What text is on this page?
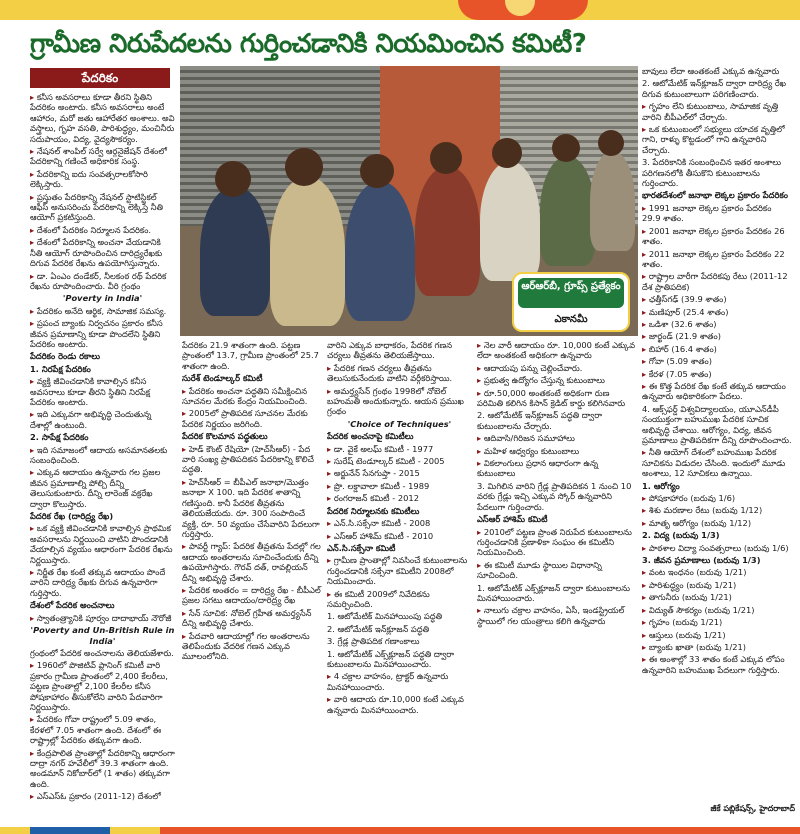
గ్రామీణ నిరుపేదలను గుర్తించడానికి నియమించిన కమిటీ?
పేదరికం

▸ కనీస అవసరాలు కూడా తీరని స్థితిని పేదరికం అంటారు. కనీస అవసరాలు అంటే ఆహారం, మరో జతు ఆహారేతర అంశాలు. అవి వస్త్రాలు, గృహ వసతి, పారిశుద్ధ్యం, మంచినీరు సదుపాయం, విద్య, వైద్యసౌకర్యం.

▸ నేషనల్ శాంపిల్ సర్వే ఆర్గనైజేషన్ దేశంలో పేదరికాన్ని గణించే అధికారిక సంస్థ.

▸ పేదరికాన్ని ఐదు సంవత్సరాలకోసారి లెక్కిస్తారు.

▸ ప్రస్తుతం పేదరికాన్ని నేషనల్ స్టాటిస్టికల్ ఆఫీస్ అనుసరించు పేదరికాన్ని లెక్కిస్తే నీతి ఆయోగ్ ప్రకటిస్తుంది.

▸ దేశంలో పేదరికం నిర్మూలన పేదరికం.

▸ దేశంలో పేదరికాన్ని అంచనా వేయడానికి నీతి ఆయోగ్ రూపొందించిన దారిద్ర్యరేఖకు దిగువ పేదరిక రేఖను ఉపయోగిస్తున్నారు.

▸ డా. ఏంఎం దండేకర్, నీలకంఠ రథ్ పేదరిక రేఖను రూపొందించారు. వీరి గ్రంథం

'Poverty in India'

▸ పేదరికం అనేది ఆర్థిక, సామాజిక సమస్య.

▸ ప్రపంచ బ్యాంకు నిర్వచనం ప్రకారం కనీస జీవన ప్రమాణాన్ని కూడా పొందలేని స్థితిని పేదరికం అంటారు.

పేదరికం రెండు రకాలు

1. నిరపేక్ష పేదరికం

▸ వ్యక్తి జీవించడానికి కావాల్సిన కనీస అవసరాలు కూడా తీరని స్థితిని నిరపేక్ష పేదరికం అంటారు.

▸ ఇది ఎక్కువగా అభివృద్ధి చెందుతున్న దేశాల్లో ఉంటుంది.

2. సాపేక్ష పేదరికం

▸ ఇది సమాజంలో ఆదాయ అసమానతలకు సంబంధించింది.

▸ ఎక్కువ ఆదాయం ఉన్నవారు గల ప్రజల జీవన ప్రమాణాల్ని పోల్చి దీన్ని తెలుసుకుంటారు. దీన్ని లారెంజ్ వక్రరేఖ ద్వారా కొలుస్తారు.

పేదరిక రేఖ (దారిద్ర్య రేఖ)

▸ ఒక వ్యక్తి జీవించడానికి కావాల్సిన ప్రాథమిక అవసరాలను నిర్ణయించి వాటిని పొందడానికి వేయాల్సిన వ్యయం ఆధారంగా పేదరిక రేఖను నిర్ణయిస్తారు.

▸ నిర్ణీత రేఖ కంటే తక్కువ ఆదాయం పొందే వారిని దారిద్ర్య రేఖకు దిగువ ఉన్నవారిగా గుర్తిస్తారు.

దేశంలో పేదరిక అంచనాలు

▸ స్వాతంత్ర్యానికి పూర్వం దాదాభాయ్ నౌరోజీ

'Poverty and Un-British Rule in India'

గ్రంథంలో పేదరిక అంచనాలను తెలియజేశారు.

▸ 1960లో పొజిటివ్ ప్లానింగ్ కమిటీ వారి ప్రకారం గ్రామీణ ప్రాంతంలో 2,400 కేలరీలు, పట్టణ ప్రాంతాల్లో 2,100 కేలరీల కనీస పోషకాహారం తీసుకోలేని వారిని పేదవారిగా నిర్ణయిస్తారు.

▸ పేదరికం గోవా రాష్ట్రంలో 5.09 శాతం, కేరళలో 7.05 శాతంగా ఉంది. దేశంలో ఈ రాష్ట్రాల్లో పేదరికం తక్కువగా ఉంది.

▸ కేంద్రపాలిత ప్రాంతాల్లో పేదరికాన్ని ఆధారంగా దాద్రా నగర్ హవేలీలో 39.3 శాతంగా ఉంది. అండమాన్ నికోబార్‌లో (1 శాతం) తక్కువగా ఉంది.

▸ ఎస్ఎస్ఓ ప్రకారం (2011-12) దేశంలో

ఆర్ఆర్‌బీ, గ్రూప్స్ ప్రత్యేకం
ఎకానమీ

పేదరికం 21.9 శాతంగా ఉంది. పట్టణ ప్రాంతంలో 13.7, గ్రామీణ ప్రాంతంలో 25.7 శాతంగా ఉంది.

సురేశ్ టెండూల్కర్ కమిటీ

▸ పేదరికం అంచనా పద్ధతిని సమీక్షించిన సూచనల మేరకు కేంద్రం నియమించింది.

▸ 2005లో ప్రాతిపదిక సూచనల మేరకు పేదరిక నిర్ణయం జరిగింది.

పేదరిక కొలమాన పద్ధతులు

▸ హెడ్ కౌంట్ రేషియో (హెచ్‌సీఆర్) - పేద వారి సంఖ్య ప్రాతిపదికన పేదరికాన్ని కొలిచే పద్ధతి.

▸ హెచ్‌సీఆర్ = బీపీఎల్ జనాభా/మొత్తం జనాభా X 100. ఇది పేదరిక శాతాన్ని గణిస్తుంది. కానీ పేదరిక తీవ్రతను తెలియజేయదు. రూ. 300 సంపాదించే వ్యక్తి, రూ. 50 వ్యయం చేసేవారిని పేదలుగా గుర్తిస్తారు.

▸ పావర్టీ గ్యాప్: పేదరిక తీవ్రతను పేదల్లో గల ఆదాయ అంతరాలను సూచించేందుకు దీన్ని ఉపయోగిస్తారు. గౌరవ్ దత్, రావల్లియన్ దీన్ని అభివృద్ధి చేశారు.

▸ పేదరిక అంతరం = దారిద్ర్య రేఖ - బీపీఎల్ ప్రజల సగటు ఆదాయం/దారిద్ర్య రేఖ

▸ సేన్ సూచిక: నోబెల్ గ్రహీత అమర్త్యసేన్ దీన్ని అభివృద్ధి చేశారు.

▸ పేదవారి ఆదాయాల్లో గల అంతరాలను తెలిపేందుకు వేదరిక గణన ఎక్కువ మూలంలోనిది.

వారిని ఎక్కువ బాధాకరం, పేదరిక గణన చర్యలు తీవ్రతను తెలియజేస్తాయి.

▸ పేదరిక గణన చర్యలు తీవ్రతను తెలుసుకునేందుకు వాటిని వర్గీకరిస్తాయి.

▸ అమర్త్యసేన్ గ్రంథం 1998లో నోబెల్ బహుమతి అందుకున్నారు. ఆయన ప్రముఖ గ్రంథం

'Choice of Techniques'

పేదరిక అంచనాపై కమిటీలు

▸ డా. వైకే అలఘ్ కమిటీ - 1977

▸ సురేష్ టెండూల్కర్ కమిటీ - 2005

▸ అర్జునేన్ సేనగుప్తా - 2015

▸ ప్రొ. లక్డావాలా కమిటీ - 1989

▸ రంగరాజన్ కమిటీ - 2012

పేదరిక నిర్మూలనకు కమిటీలు

▸ ఎన్.సి.సక్సేనా కమిటీ - 2008

▸ ఎస్ఆర్ హాశిమ్ కమిటీ - 2010

ఎన్.సి.సక్సేనా కమిటీ

▸ గ్రామీణ ప్రాంతాల్లో నివసించే కుటుంబాలను గుర్తించడానికి సక్సేనా కమిటీని 2008లో నియమించారు.

▸ ఈ కమిటీ 2009లో నివేదికను సమర్పించింది.

1. ఆటోమేటిక్ మినహాయింపు పద్ధతి

2. ఆటోమేటిక్ ఇన్‌క్లూజన్ పద్ధతి

3. గ్రేడ్ల ప్రాతిపదిక గణాంకాలు

1. ఆటోమేటిక్ ఎక్స్‌క్లూజన్ పద్ధతి ద్వారా కుటుంబాలను మినహాయించారు.

▸ 4 చక్రాల వాహనం, ట్రాక్టర్ ఉన్నవారు మినహాయించారు.

▸ వారి ఆదాయ రూ.10,000 కంటే ఎక్కువ ఉన్నవారు మినహాయించారు.

▸ నెల వారీ ఆదాయం రూ. 10,000 కంటే ఎక్కువ లేదా అంతకంటే అధికంగా ఉన్నవారు

▸ ఆదాయపు పన్ను చెల్లించేవారు.

▸ ప్రభుత్వ ఉద్యోగం చేస్తున్న కుటుంబాలు

▸ రూ.50,000 అంతకంటే అధికంగా రుణ పరిమితి కలిగిన కిసాన్ క్రెడిట్ కార్డు కలిగినవారు

2. ఆటోమేటిక్ ఇన్‌క్లూజన్ పద్ధతి ద్వారా కుటుంబాలను చేర్చారు.

▸ ఆదివాసి/గిరిజన సమూహాలు

▸ మహిళ ఆధ్వర్యం కుటుంబాలు

▸ వికలాంగులు ప్రధాన ఆధారంగా ఉన్న కుటుంబాలు

3. మిగిలిన వారిని గ్రేడ్ల ప్రాతిపదికన 1 నుంచి 10 వరకు గ్రేడ్లు ఇచ్చి ఎక్కువ స్కోర్ ఉన్నవారిని పేదలుగా గుర్తించారు.

ఎస్ఆర్ హాశిమ్ కమిటీ

▸ 2010లో పట్టణ ప్రాంత నిరుపేద కుటుంబాలను గుర్తించడానికి ప్రణాళికా సంఘం ఈ కమిటీని నియమించింది.

▸ ఈ కమిటీ మూడు స్థాయిల విధానాన్ని సూచించింది.

1. ఆటోమేటిక్ ఎక్స్‌క్లూజన్ ద్వారా కుటుంబాలను మినహాయించారు.

▸ నాలుగు చక్రాల వాహనం, ఏసీ, ఇండస్ట్రియల్ స్థాయిలో గల యంత్రాలు కలిగి ఉన్నవారు

బావులు లేదా ఆంతకంటే ఎక్కువ ఉన్నవారు

2. ఆటోమేటిక్ ఇన్‌క్లూజన్ ద్వారా దారిద్ర్య రేఖ దిగువ కుటుంబాలుగా పరిగణించారు.

▸ గృహం లేని కుటుంబాలు, సామాజిక వృత్తి వారిని బీపీఎల్‌లో చేర్చారు.

▸ ఒక కుటుంబంలో సభ్యులు యాచక వృత్తిలో గాని, రాళ్ళు కొట్టడంలో గాని ఉన్నవారిని చేర్చారు.

3. పేదరికానికి సంబంధించిన ఇతర అంశాలు పరిగణనలోకి తీసుకొని కుటుంబాలను గుర్తించారు.

భారతదేశంలో జనాభా లెక్కల ప్రకారం పేదరికం

▸ 1991 జనాభా లెక్కల ప్రకారం పేదరికం 29.9 శాతం.

▸ 2001 జనాభా లెక్కల ప్రకారం పేదరికం 26 శాతం.

▸ 2011 జనాభా లెక్కల ప్రకారం పేదరికం 22 శాతం.

▸ రాష్ట్రాల వారీగా పేదరికపు రేటు (2011-12 దేశ ప్రాతిపదిక)

▸ ఛత్తీస్‌గఢ్ (39.9 శాతం)

▸ మణిపూర్ (25.4 శాతం)

▸ ఒడిశా (32.6 శాతం)

▸ జార్ఖండ్ (21.9 శాతం)

▸ బిహార్ (16.4 శాతం)

▸ గోవా (5.09 శాతం)

▸ కేరళ (7.05 శాతం)

▸ ఈ కొత్త పేదరిక రేఖ కంటే తక్కువ ఆదాయం ఉన్నవారు అధికారికంగా పేదలు.

4. ఆక్స్‌ఫర్డ్ విశ్వవిద్యాలయం, యూఎన్‌డీపీ సంయుక్తంగా బహుముఖ పేదరిక సూచిక అభివృద్ధి చేశాయి. ఆరోగ్యం, విద్య, జీవన ప్రమాణాలు ప్రాతిపదికగా దీన్ని రూపొందించారు.

▸ నీతి ఆయోగ్ దేశంలో బహుముఖ పేదరిక సూచికను విడుదల చేసింది. ఇందులో మూడు అంశాలు, 12 సూచికలు ఉన్నాయి.

1. ఆరోగ్యం

▸ పోషకాహారం (బరువు 1/6)

▸ శిశు మరణాల రేటు (బరువు 1/12)

▸ మాతృ ఆరోగ్యం (బరువు 1/12)

2. విద్య (బరువు 1/3)

▸ పాఠశాల విద్యా సంవత్సరాలు (బరువు 1/6)

3. జీవన ప్రమాణాలు (బరువు 1/3)

▸ వంట ఇంధనం (బరువు 1/21)

▸ పారిశుద్ధ్యం (బరువు 1/21)

▸ తాగునీరు (బరువు 1/21)

▸ విద్యుత్ సౌకర్యం (బరువు 1/21)

▸ గృహం (బరువు 1/21)

▸ ఆస్తులు (బరువు 1/21)

▸ బ్యాంకు ఖాతా (బరువు 1/21)

▸ ఈ అంశాల్లో 33 శాతం కంటే ఎక్కువ లోపం ఉన్నవారిని బహుముఖ పేదలుగా గుర్తిస్తారు.

జీకే పబ్లికేషన్స్, హైదరాబాద్
